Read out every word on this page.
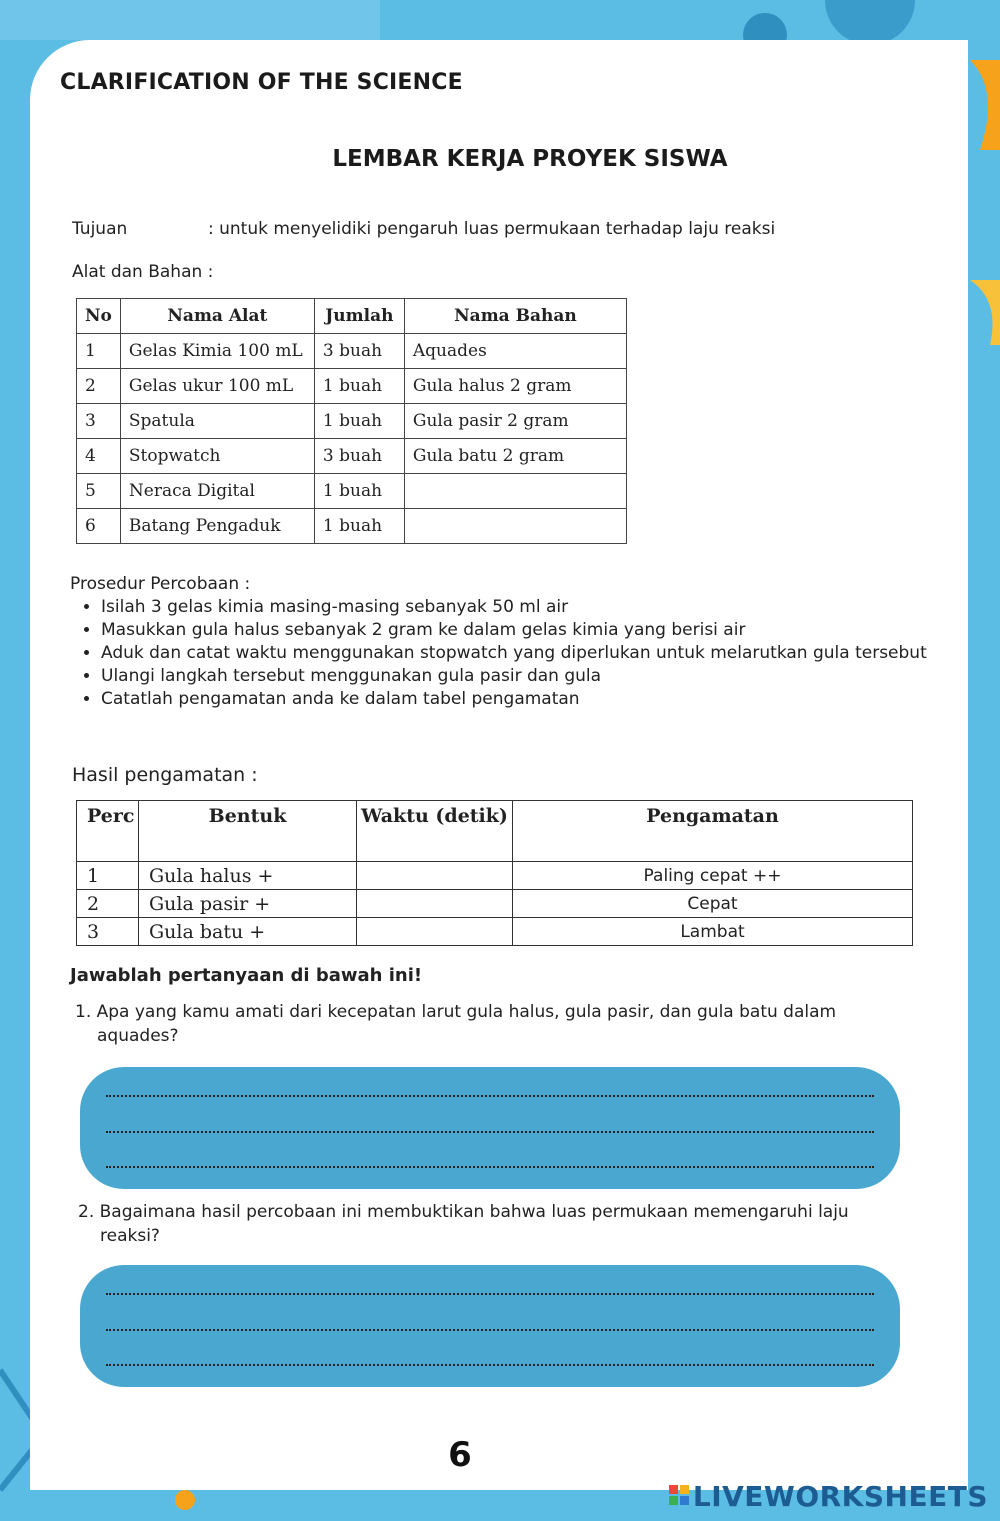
CLARIFICATION OF THE SCIENCE
LEMBAR KERJA PROYEK SISWA
Tujuan	: untuk menyelidiki pengaruh luas permukaan terhadap laju reaksi
Alat dan Bahan :
No	Nama Alat	Jumlah	Nama Bahan
1	Gelas Kimia 100 mL	3 buah	Aquades
2	Gelas ukur 100 mL	1 buah	Gula halus 2 gram
3	Spatula	1 buah	Gula pasir 2 gram
4	Stopwatch	3 buah	Gula batu 2 gram
5	Neraca Digital	1 buah	
6	Batang Pengaduk	1 buah	
Prosedur Percobaan :
• Isilah 3 gelas kimia masing-masing sebanyak 50 ml air
• Masukkan gula halus sebanyak 2 gram ke dalam gelas kimia yang berisi air
• Aduk dan catat waktu menggunakan stopwatch yang diperlukan untuk melarutkan gula tersebut
• Ulangi langkah tersebut menggunakan gula pasir dan gula
• Catatlah pengamatan anda ke dalam tabel pengamatan
Hasil pengamatan :
Perc	Bentuk	Waktu (detik)	Pengamatan
1	Gula halus +		Paling cepat ++
2	Gula pasir +		Cepat
3	Gula batu +		Lambat
Jawablah pertanyaan di bawah ini!
1. Apa yang kamu amati dari kecepatan larut gula halus, gula pasir, dan gula batu dalam
aquades?
2. Bagaimana hasil percobaan ini membuktikan bahwa luas permukaan memengaruhi laju
reaksi?
6
LIVEWORKSHEETS
